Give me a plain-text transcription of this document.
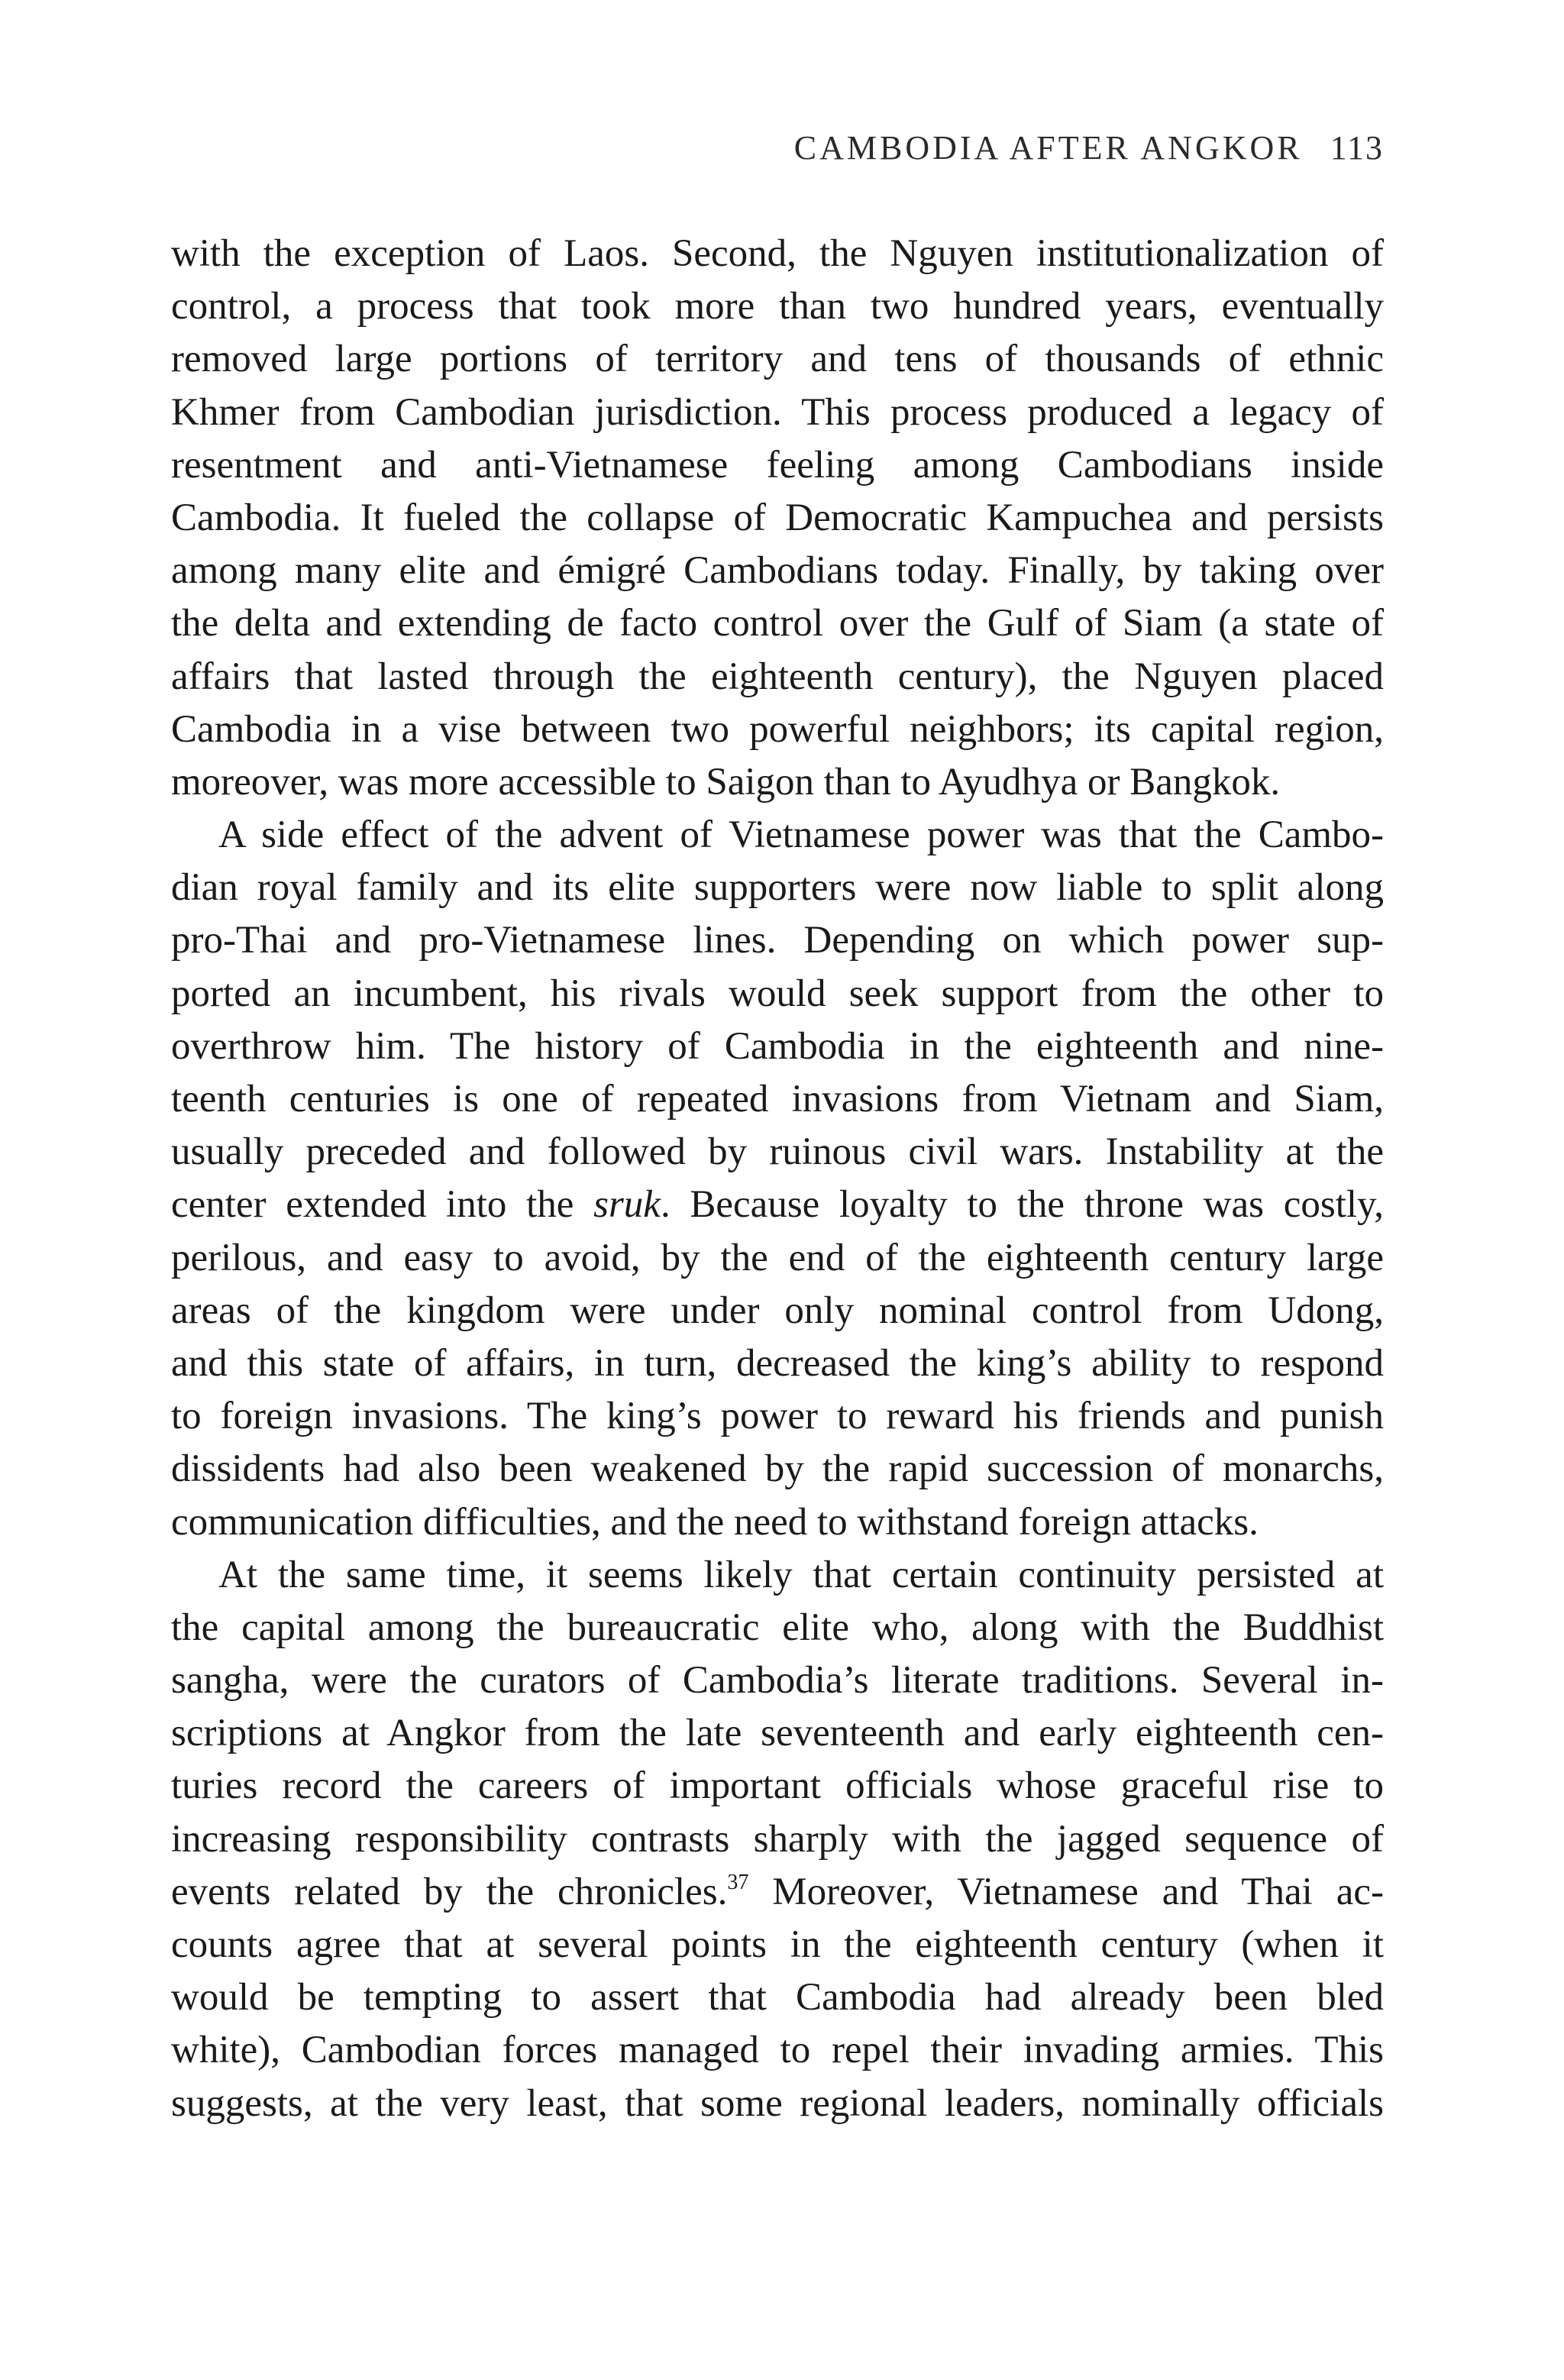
CAMBODIA AFTER ANGKOR 113
with the exception of Laos. Second, the Nguyen institutionalization of
control, a process that took more than two hundred years, eventually
removed large portions of territory and tens of thousands of ethnic
Khmer from Cambodian jurisdiction. This process produced a legacy of
resentment and anti-Vietnamese feeling among Cambodians inside
Cambodia. It fueled the collapse of Democratic Kampuchea and persists
among many elite and émigré Cambodians today. Finally, by taking over
the delta and extending de facto control over the Gulf of Siam (a state of
affairs that lasted through the eighteenth century), the Nguyen placed
Cambodia in a vise between two powerful neighbors; its capital region,
moreover, was more accessible to Saigon than to Ayudhya or Bangkok.
A side effect of the advent of Vietnamese power was that the Cambo-
dian royal family and its elite supporters were now liable to split along
pro-Thai and pro-Vietnamese lines. Depending on which power sup-
ported an incumbent, his rivals would seek support from the other to
overthrow him. The history of Cambodia in the eighteenth and nine-
teenth centuries is one of repeated invasions from Vietnam and Siam,
usually preceded and followed by ruinous civil wars. Instability at the
center extended into the sruk. Because loyalty to the throne was costly,
perilous, and easy to avoid, by the end of the eighteenth century large
areas of the kingdom were under only nominal control from Udong,
and this state of affairs, in turn, decreased the king’s ability to respond
to foreign invasions. The king’s power to reward his friends and punish
dissidents had also been weakened by the rapid succession of monarchs,
communication difficulties, and the need to withstand foreign attacks.
At the same time, it seems likely that certain continuity persisted at
the capital among the bureaucratic elite who, along with the Buddhist
sangha, were the curators of Cambodia’s literate traditions. Several in-
scriptions at Angkor from the late seventeenth and early eighteenth cen-
turies record the careers of important officials whose graceful rise to
increasing responsibility contrasts sharply with the jagged sequence of
events related by the chronicles.$^{37}$ Moreover, Vietnamese and Thai ac-
counts agree that at several points in the eighteenth century (when it
would be tempting to assert that Cambodia had already been bled
white), Cambodian forces managed to repel their invading armies. This
suggests, at the very least, that some regional leaders, nominally officials
